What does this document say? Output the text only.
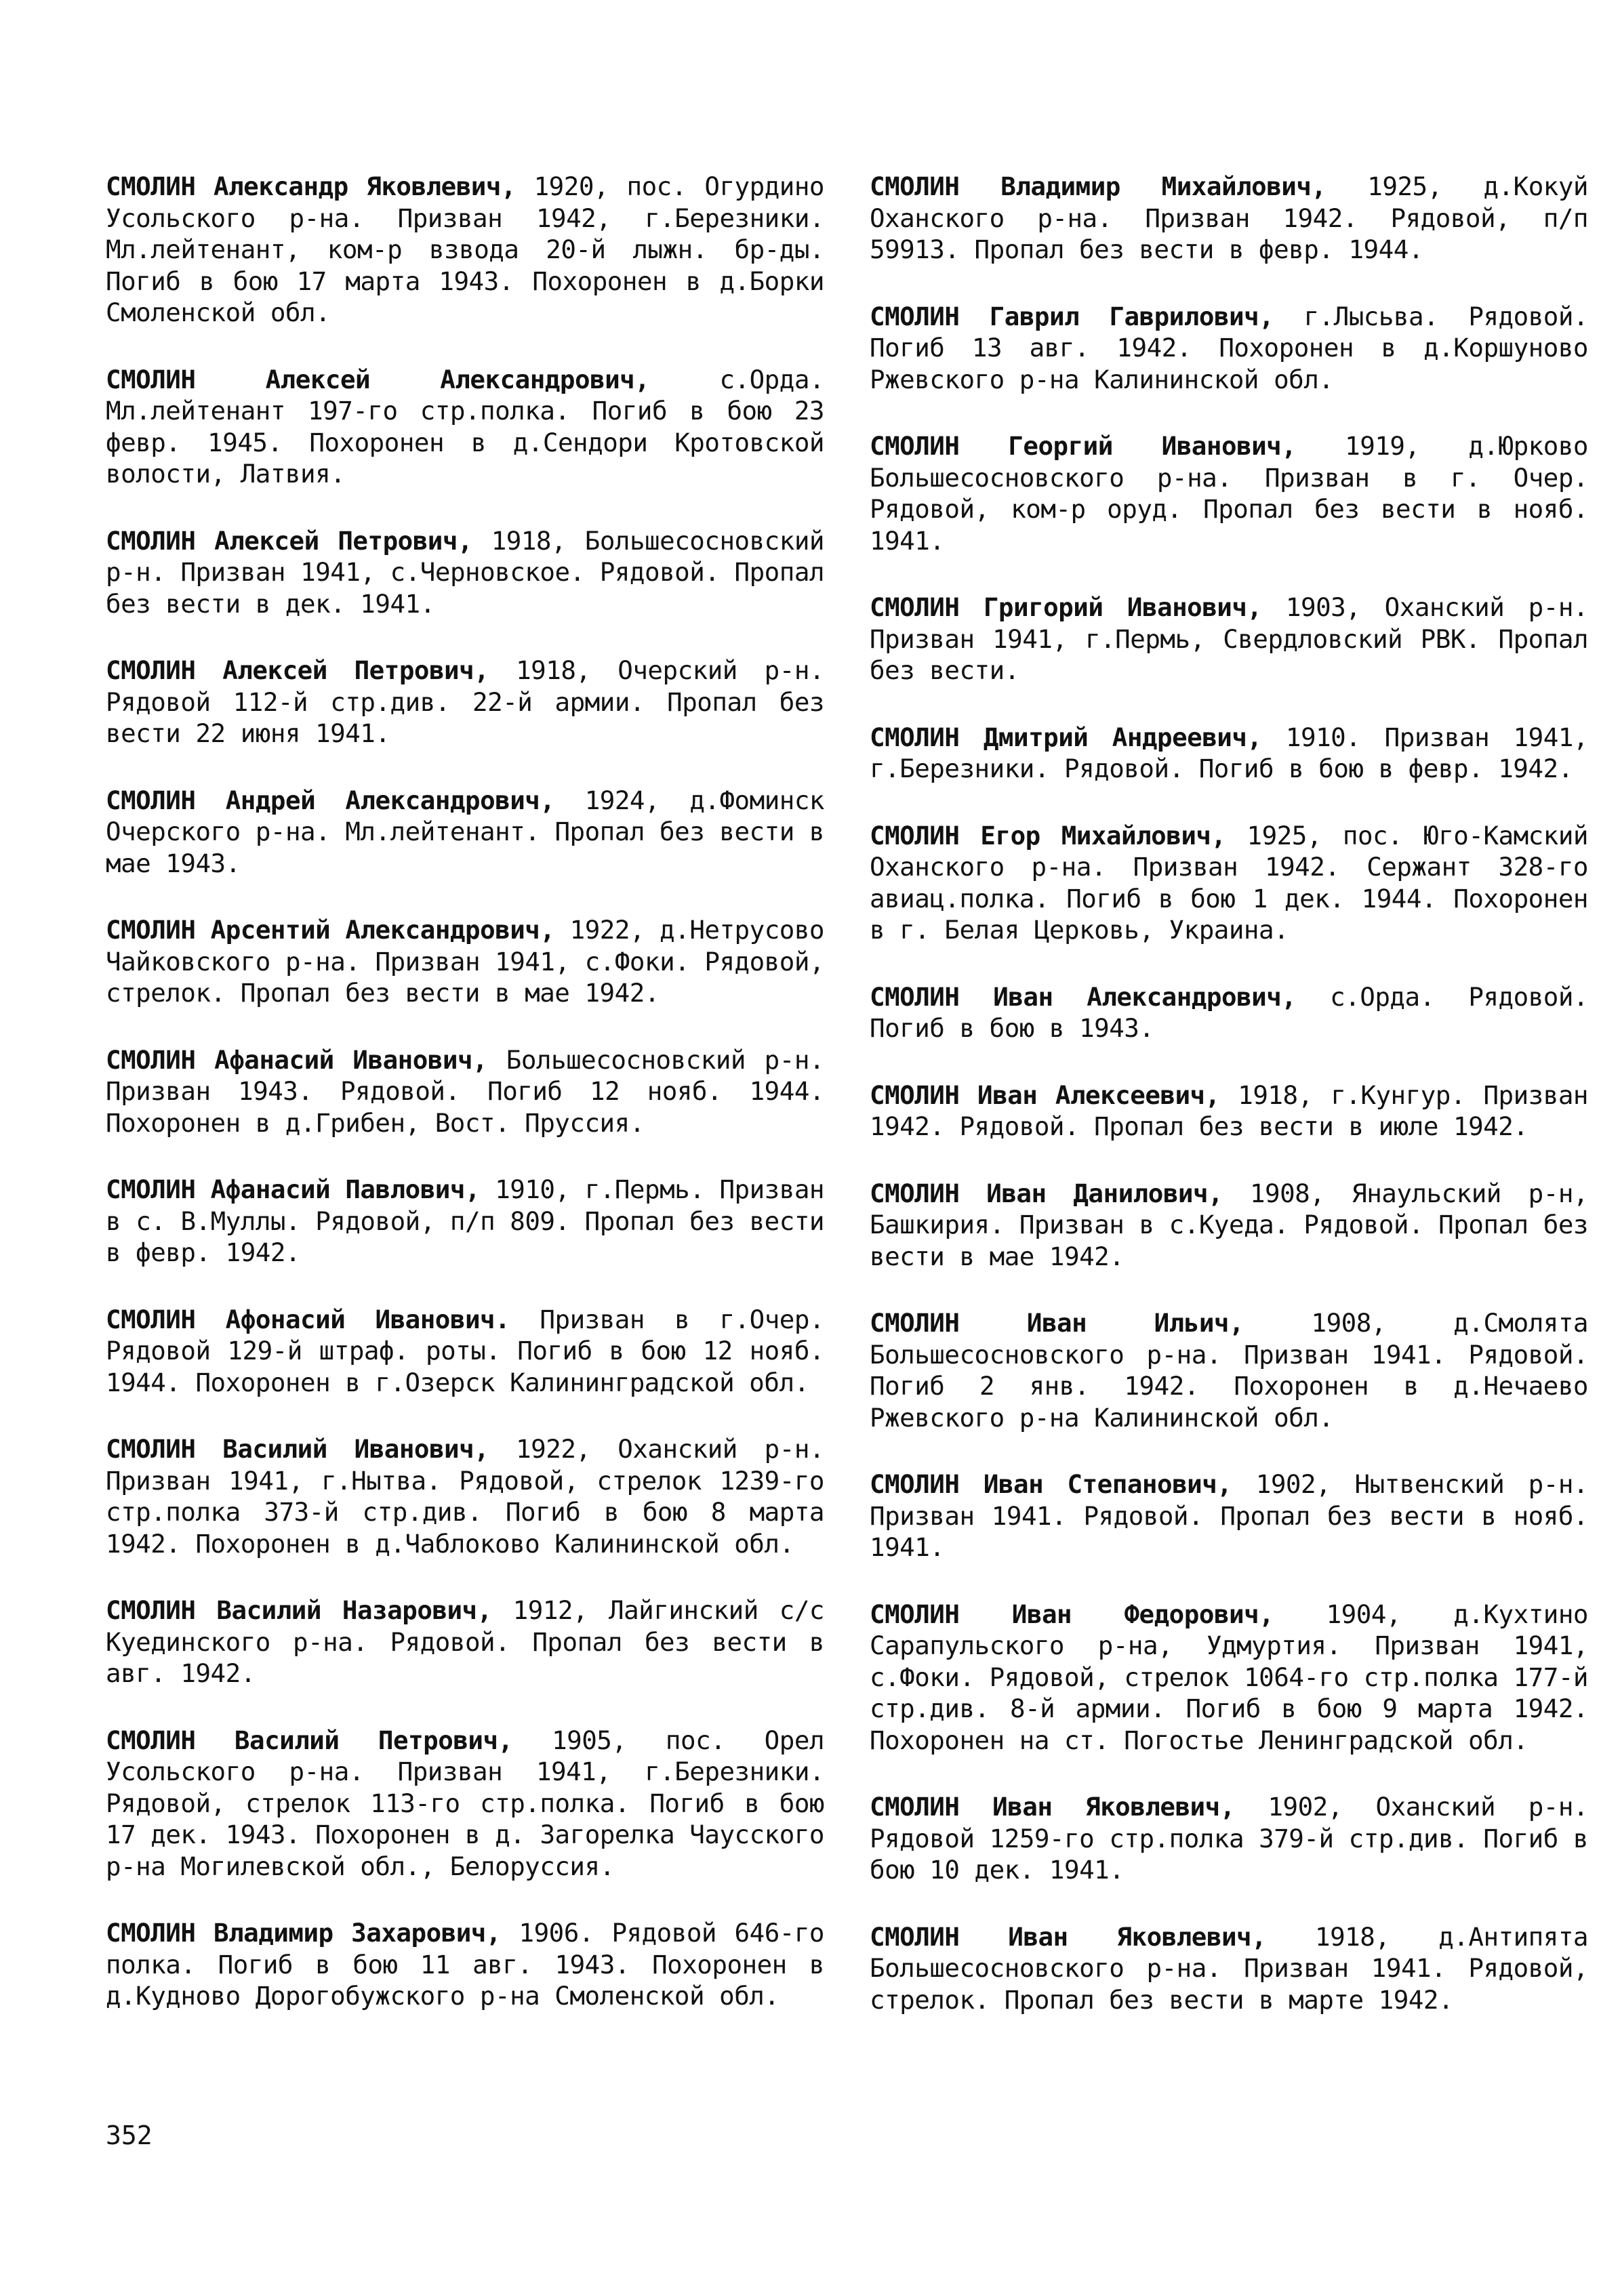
СМОЛИН Александр Яковлевич, 1920, пос. Огурдино Усольского р-на. Призван 1942, г.Березники. Мл.лейтенант, ком-р взвода 20-й лыжн. бр-ды. Погиб в бою 17 марта 1943. Похоронен в д.Борки Смоленской обл.

СМОЛИН Алексей Александрович,	с.Орда. Мл.лейтенант 197-го стр.полка. Погиб в бою 23 февр. 1945. Похоронен в д.Сендори Кротовской волости, Латвия.

СМОЛИН Алексей Петрович, 1918, Большесосновский р-н. Призван 1941, с.Черновское. Рядовой. Пропал без вести в дек. 1941.

СМОЛИН Алексей Петрович, 1918, Очерский р-н. Рядовой 112-й стр.див. 22-й армии. Пропал без вести 22 июня 1941.

СМОЛИН Андрей Александрович, 1924, д.Фоминск Очерского р-на. Мл.лейтенант. Пропал без вести в мае 1943.

СМОЛИН Арсентий Александрович, 1922, д.Нетрусово Чайковского р-на. Призван 1941, с.Фоки. Рядовой, стрелок. Пропал без вести в мае 1942.

СМОЛИН Афанасий Иванович, Большесосновский р-н. Призван 1943. Рядовой. Погиб 12 нояб. 1944. Похоронен в д.Грибен, Вост. Пруссия.

СМОЛИН Афанасий Павлович, 1910, г.Пермь. Призван в с. В.Муллы. Рядовой, п/п 809. Пропал без вести в февр. 1942.

СМОЛИН Афонасий Иванович. Призван в г.Очер. Рядовой 129-й штраф. роты. Погиб в бою 12 нояб. 1944. Похоронен в г.Озерск Калининградской обл.

СМОЛИН Василий Иванович, 1922, Оханский р-н. Призван 1941, г.Нытва. Рядовой, стрелок 1239-го стр.полка 373-й стр.див. Погиб в бою 8 марта 1942. Похоронен в д.Чаблоково Калининской обл.

СМОЛИН Василий Назарович, 1912, Лайгинский с/с Куединского р-на. Рядовой. Пропал без вести в авг. 1942.

СМОЛИН Василий Петрович, 1905, пос. Орел Усольского р-на. Призван 1941, г.Березники. Рядовой, стрелок 113-го стр.полка. Погиб в бою 17 дек. 1943. Похоронен в д. Загорелка Чаусского р-на Могилевской обл., Белоруссия.

СМОЛИН Владимир Захарович, 1906. Рядовой 646-го полка. Погиб в бою 11 авг. 1943. Похоронен в д.Кудново Дорогобужского р-на Смоленской обл.

СМОЛИН Владимир Михайлович, 1925, д.Кокуй Оханского р-на. Призван 1942. Рядовой, п/п 59913. Пропал без вести в февр. 1944.

СМОЛИН Гаврил Гаврилович, г.Лысьва. Рядовой. Погиб 13 авг. 1942. Похоронен в д.Коршуново Ржевского р-на Калининской обл.

СМОЛИН Георгий Иванович, 1919, д.Юрково Большесосновского р-на. Призван в г. Очер. Рядовой, ком-р оруд. Пропал без вести в нояб. 1941.

СМОЛИН Григорий Иванович, 1903, Оханский р-н. Призван 1941, г.Пермь, Свердловский РВК. Пропал без вести.

СМОЛИН Дмитрий Андреевич, 1910. Призван 1941, г.Березники. Рядовой. Погиб в бою в февр. 1942.

СМОЛИН Егор Михайлович, 1925, пос. Юго-Камский Оханского р-на. Призван 1942. Сержант 328-го авиац.полка. Погиб в бою 1 дек. 1944. Похоронен в г. Белая Церковь, Украина.

СМОЛИН Иван Александрович, с.Орда. Рядовой. Погиб в бою в 1943.

СМОЛИН Иван Алексеевич, 1918, г.Кунгур. Призван 1942. Рядовой. Пропал без вести в июле 1942.

СМОЛИН Иван Данилович, 1908, Янаульский р-н, Башкирия. Призван в с.Куеда. Рядовой. Пропал без вести в мае 1942.

СМОЛИН Иван Ильич,	1908, д.Смолята Большесосновского р-на. Призван 1941. Рядовой. Погиб 2 янв. 1942. Похоронен в д.Нечаево Ржевского р-на Калининской обл.

СМОЛИН Иван Степанович, 1902, Нытвенский р-н. Призван 1941. Рядовой. Пропал без вести в нояб. 1941.

СМОЛИН Иван Федорович, 1904, д.Кухтино Сарапульского р-на, Удмуртия. Призван 1941, с.Фоки. Рядовой, стрелок 1064-го стр.полка 177-й стр.див. 8-й армии. Погиб в бою 9 марта 1942. Похоронен на ст. Погостье Ленинградской обл.

СМОЛИН Иван Яковлевич, 1902, Оханский р-н. Рядовой 1259-го стр.полка 379-й стр.див. Погиб в бою 10 дек. 1941.

СМОЛИН Иван Яковлевич, 1918, д.Антипята Большесосновского р-на. Призван 1941. Рядовой, стрелок. Пропал без вести в марте 1942.

352
